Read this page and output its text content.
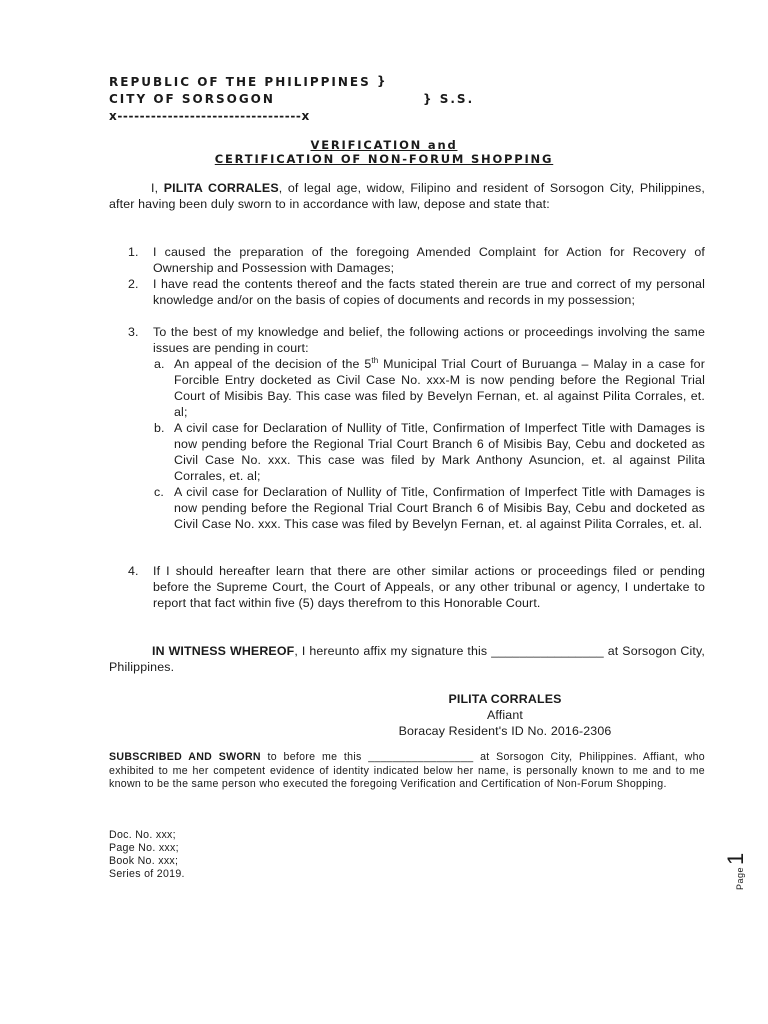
REPUBLIC OF THE PHILIPPINES }
CITY OF SORSOGON	} S.S.
x---------------------------------x
VERIFICATION and
CERTIFICATION OF NON-FORUM SHOPPING
I, PILITA CORRALES, of legal age, widow, Filipino and resident of Sorsogon City, Philippines, after having been duly sworn to in accordance with law, depose and state that:
1. I caused the preparation of the foregoing Amended Complaint for Action for Recovery of Ownership and Possession with Damages;
2. I have read the contents thereof and the facts stated therein are true and correct of my personal knowledge and/or on the basis of copies of documents and records in my possession;
3. To the best of my knowledge and belief, the following actions or proceedings involving the same issues are pending in court:
a. An appeal of the decision of the 5th Municipal Trial Court of Buruanga – Malay in a case for Forcible Entry docketed as Civil Case No. xxx-M is now pending before the Regional Trial Court of Misibis Bay. This case was filed by Bevelyn Fernan, et. al against Pilita Corrales, et. al;
b. A civil case for Declaration of Nullity of Title, Confirmation of Imperfect Title with Damages is now pending before the Regional Trial Court Branch 6 of Misibis Bay, Cebu and docketed as Civil Case No. xxx. This case was filed by Mark Anthony Asuncion, et. al against Pilita Corrales, et. al;
c. A civil case for Declaration of Nullity of Title, Confirmation of Imperfect Title with Damages is now pending before the Regional Trial Court Branch 6 of Misibis Bay, Cebu and docketed as Civil Case No. xxx. This case was filed by Bevelyn Fernan, et. al against Pilita Corrales, et. al.
4. If I should hereafter learn that there are other similar actions or proceedings filed or pending before the Supreme Court, the Court of Appeals, or any other tribunal or agency, I undertake to report that fact within five (5) days therefrom to this Honorable Court.
IN WITNESS WHEREOF, I hereunto affix my signature this ________________ at Sorsogon City, Philippines.
PILITA CORRALES
Affiant
Boracay Resident's ID No. 2016-2306
SUBSCRIBED AND SWORN to before me this _________________ at Sorsogon City, Philippines. Affiant, who exhibited to me her competent evidence of identity indicated below her name, is personally known to me and to me known to be the same person who executed the foregoing Verification and Certification of Non-Forum Shopping.
Doc. No. xxx;
Page No. xxx;
Book No. xxx;
Series of 2019.	Page1
